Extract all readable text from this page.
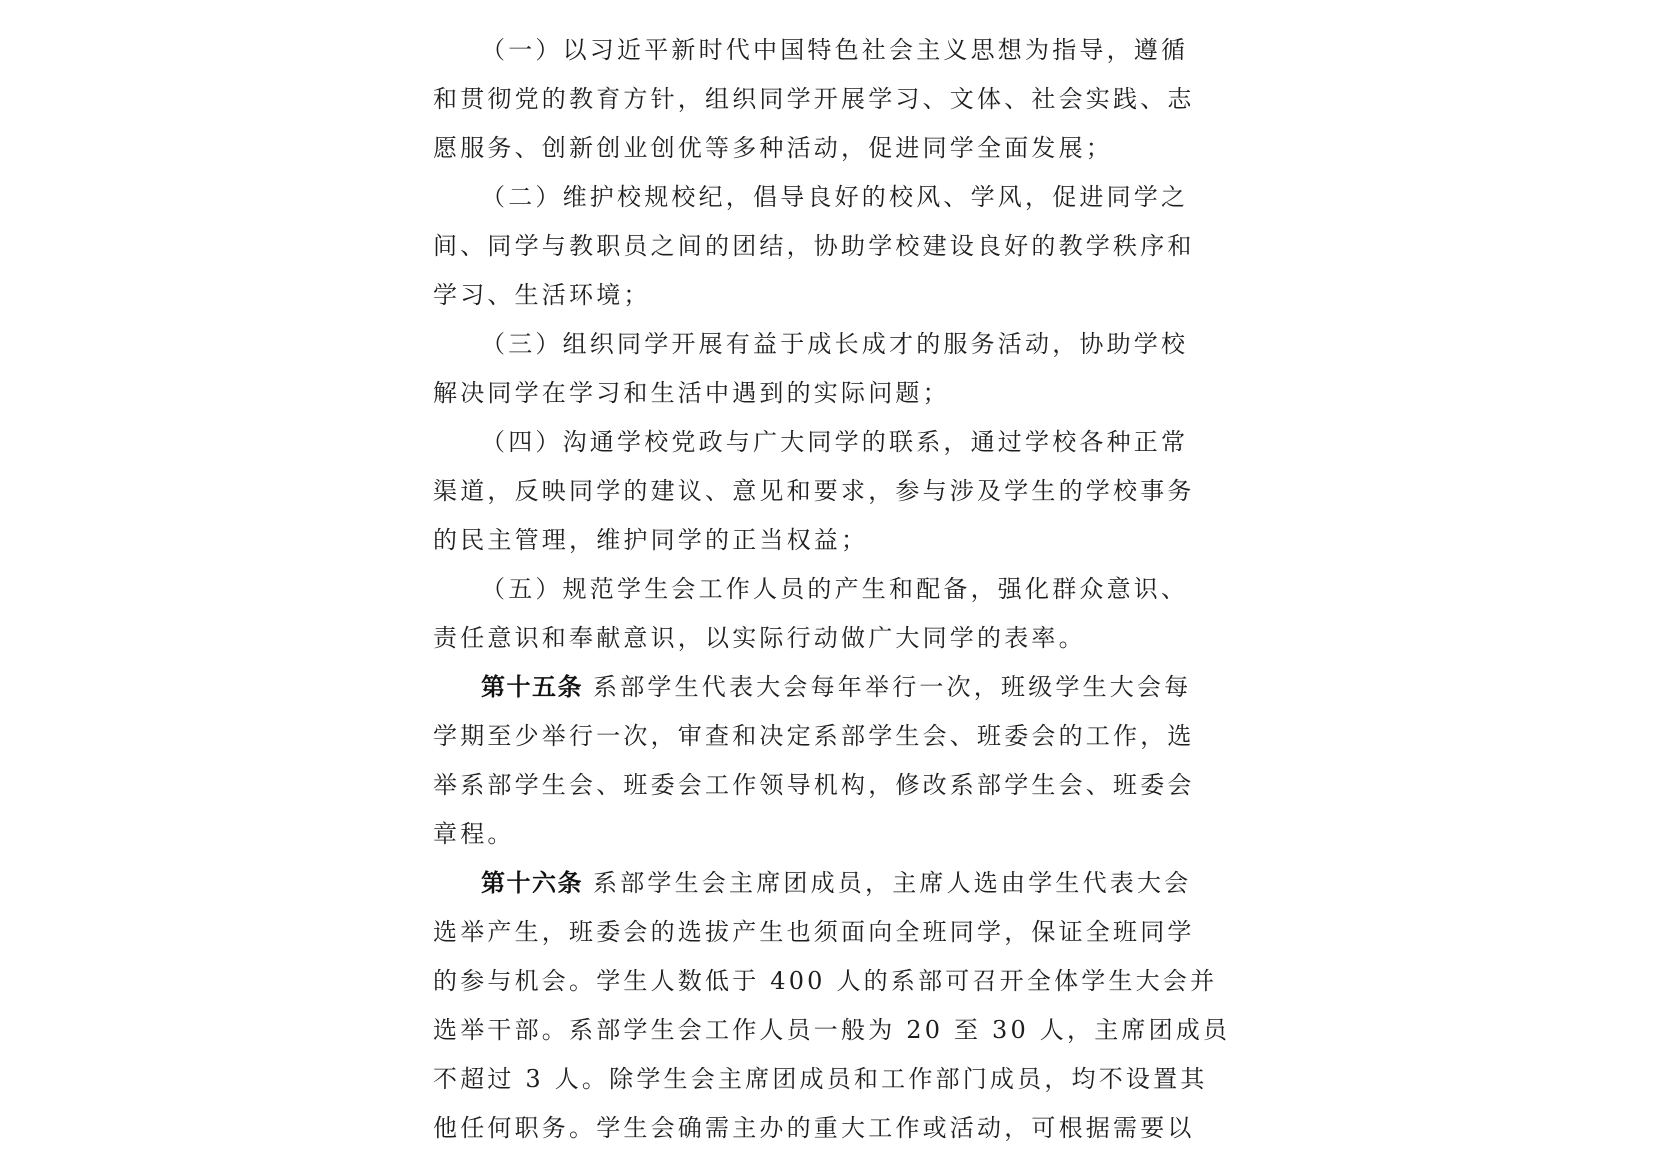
（一）以习近平新时代中国特色社会主义思想为指导，遵循
和贯彻党的教育方针，组织同学开展学习、文体、社会实践、志
愿服务、创新创业创优等多种活动，促进同学全面发展；
（二）维护校规校纪，倡导良好的校风、学风，促进同学之
间、同学与教职员之间的团结，协助学校建设良好的教学秩序和
学习、生活环境；
（三）组织同学开展有益于成长成才的服务活动，协助学校
解决同学在学习和生活中遇到的实际问题；
（四）沟通学校党政与广大同学的联系，通过学校各种正常
渠道，反映同学的建议、意见和要求，参与涉及学生的学校事务
的民主管理，维护同学的正当权益；
（五）规范学生会工作人员的产生和配备，强化群众意识、
责任意识和奉献意识，以实际行动做广大同学的表率。
第十五条 系部学生代表大会每年举行一次，班级学生大会每
学期至少举行一次，审查和决定系部学生会、班委会的工作，选
举系部学生会、班委会工作领导机构，修改系部学生会、班委会
章程。
第十六条 系部学生会主席团成员，主席人选由学生代表大会
选举产生，班委会的选拔产生也须面向全班同学，保证全班同学
的参与机会。学生人数低于 400 人的系部可召开全体学生大会并
选举干部。系部学生会工作人员一般为 20 至 30 人，主席团成员
不超过 3 人。除学生会主席团成员和工作部门成员，均不设置其
他任何职务。学生会确需主办的重大工作或活动，可根据需要以
